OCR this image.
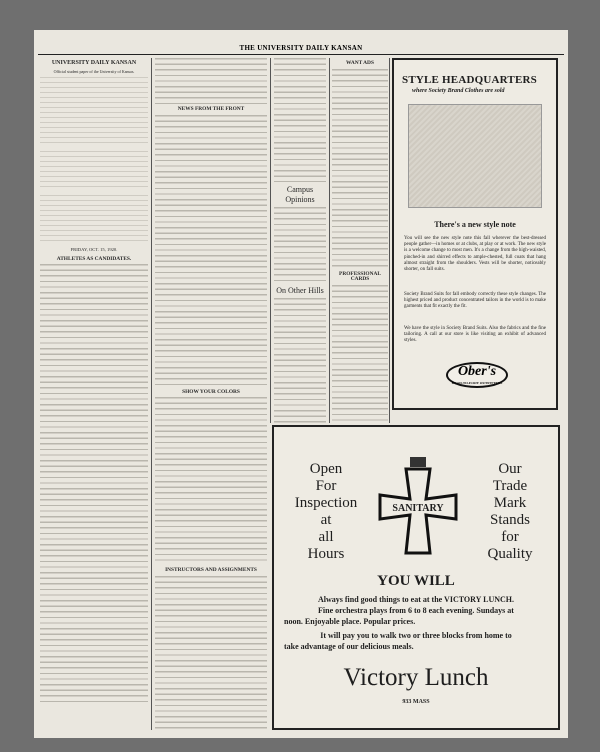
THE UNIVERSITY DAILY KANSAN
UNIVERSITY DAILY KANSAN
Official student paper of the University of Kansas.
FRIDAY, OCT. 15, 1920.
ATHLETES AS CANDIDATES.
NEWS FROM THE FRONT
SHOW YOUR COLORS
INSTRUCTORS AND ASSIGNMENTS
Campus Opinions
On Other Hills
STYLE HEADQUARTERS
where Society Brand Clothes are sold
There's a new style note
You will see the new style note this fall wherever the best-dressed people gather—in homes or at clubs, at play or at work. The new style is a welcome change to most men. It's a change from the high-waisted, pinched-in and shirred effects to ample-chested, full coats that hang almost straight from the shoulders. Vests will be shorter, noticeably shorter, on fall suits.
Society Brand Suits for fall embody correctly these style changes. The highest priced and product concentrated tailors in the world is to make garments that fit exactly the fit.
We have the style in Society Brand Suits. Also the fabrics and the fine tailoring. A call at our store is like visiting an exhibit of advanced styles.
Ober's
HEAD-TO-FOOT OUTFITTERS
Open
For
Inspection
at
all
Hours
SANITARY
Our
Trade
Mark
Stands
for
Quality
YOU WILL
Always find good things to eat at the VICTORY LUNCH.
Fine orchestra plays from 6 to 8 each evening. Sundays at
noon. Enjoyable place. Popular prices.
It will pay you to walk two or three blocks from home to
take advantage of our delicious meals.
Victory Lunch
933 MASS
WANT ADS
PROFESSIONAL CARDS
